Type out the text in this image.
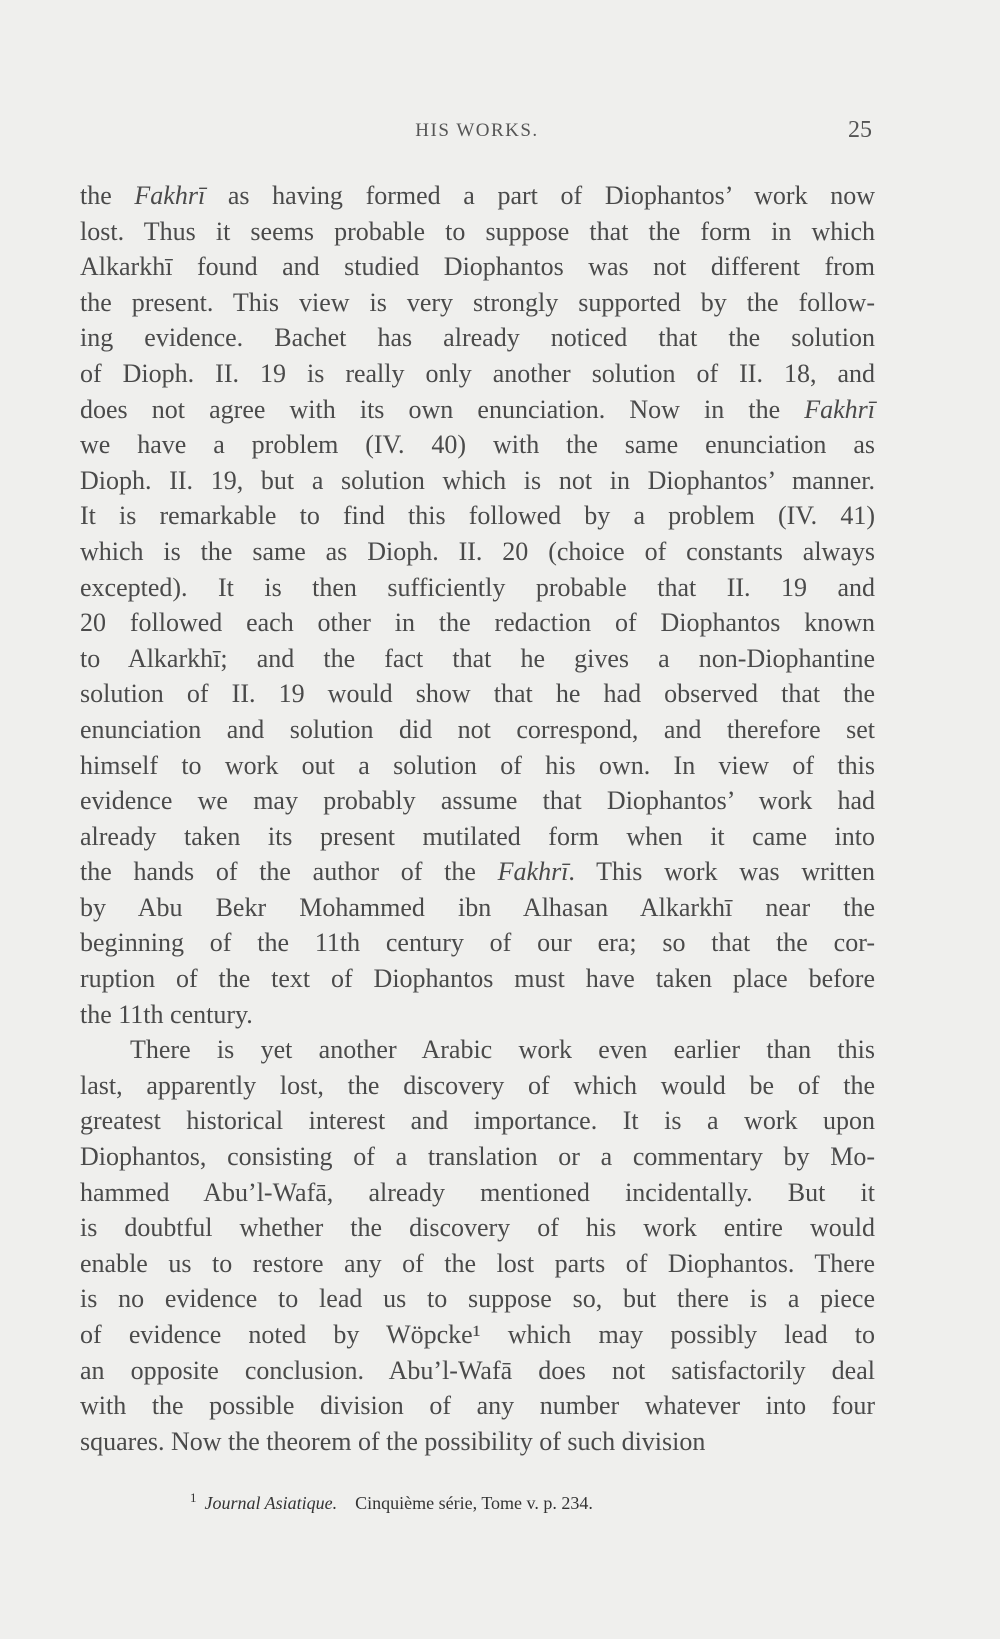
HIS WORKS.	25
the Fakhrī as having formed a part of Diophantos’ work now
lost. Thus it seems probable to suppose that the form in which
Alkarkhī found and studied Diophantos was not different from
the present. This view is very strongly supported by the follow-
ing evidence. Bachet has already noticed that the solution
of Dioph. II. 19 is really only another solution of II. 18, and
does not agree with its own enunciation. Now in the Fakhrī
we have a problem (IV. 40) with the same enunciation as
Dioph. II. 19, but a solution which is not in Diophantos’ manner.
It is remarkable to find this followed by a problem (IV. 41)
which is the same as Dioph. II. 20 (choice of constants always
excepted). It is then sufficiently probable that II. 19 and
20 followed each other in the redaction of Diophantos known
to Alkarkhī; and the fact that he gives a non-Diophantine
solution of II. 19 would show that he had observed that the
enunciation and solution did not correspond, and therefore set
himself to work out a solution of his own. In view of this
evidence we may probably assume that Diophantos’ work had
already taken its present mutilated form when it came into
the hands of the author of the Fakhrī. This work was written
by Abu Bekr Mohammed ibn Alhasan Alkarkhī near the
beginning of the 11th century of our era; so that the cor-
ruption of the text of Diophantos must have taken place before
the 11th century.
There is yet another Arabic work even earlier than this
last, apparently lost, the discovery of which would be of the
greatest historical interest and importance. It is a work upon
Diophantos, consisting of a translation or a commentary by Mo-
hammed Abu’l-Wafā, already mentioned incidentally. But it
is doubtful whether the discovery of his work entire would
enable us to restore any of the lost parts of Diophantos. There
is no evidence to lead us to suppose so, but there is a piece
of evidence noted by Wöpcke¹ which may possibly lead to
an opposite conclusion. Abu’l-Wafā does not satisfactorily deal
with the possible division of any number whatever into four
squares. Now the theorem of the possibility of such division
$^1$ Journal Asiatique. Cinquième série, Tome v. p. 234.
